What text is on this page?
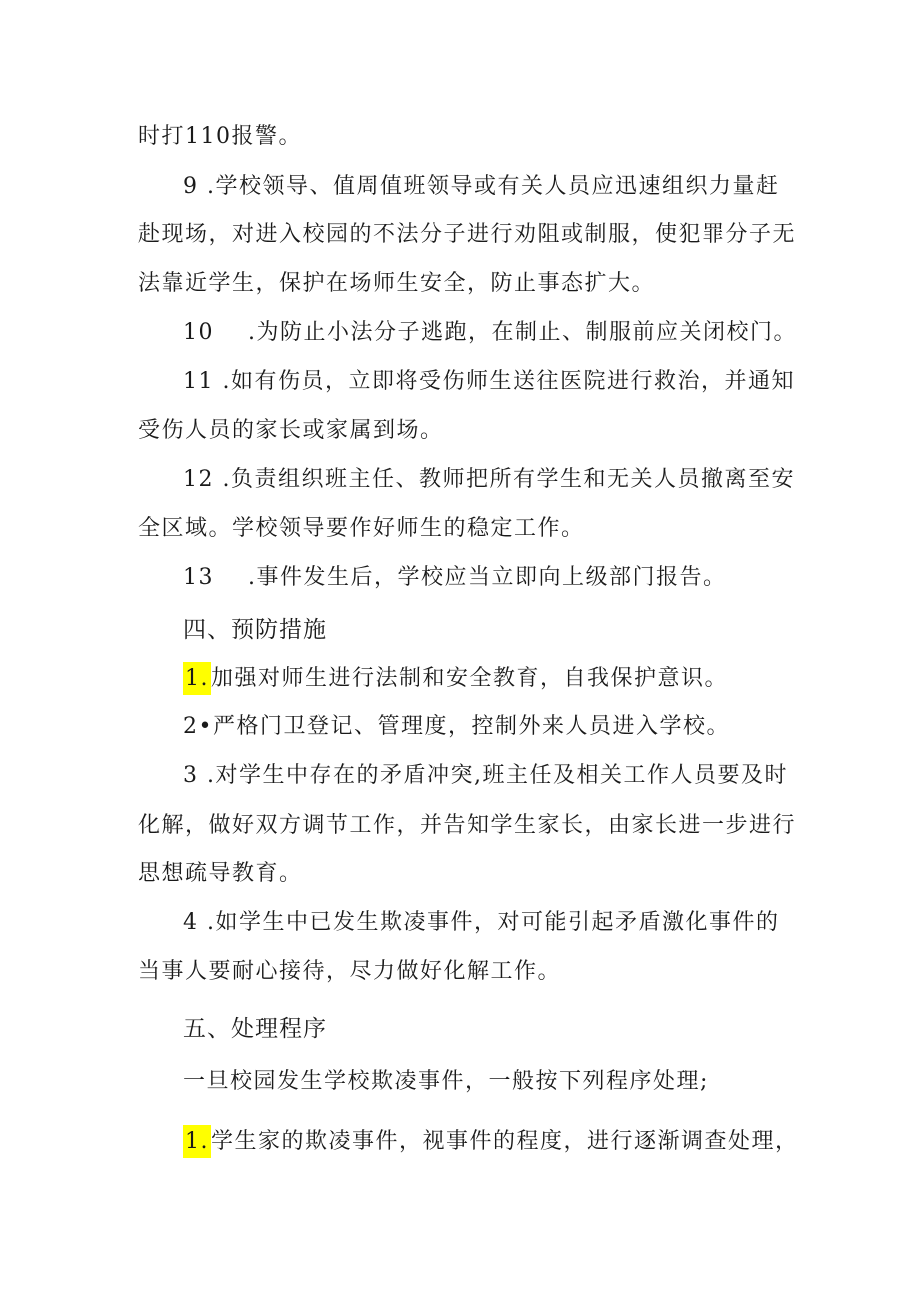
时打110报警。
9 .学校领导、值周值班领导或有关人员应迅速组织力量赶
赴现场，对进入校园的不法分子进行劝阻或制服，使犯罪分子无
法靠近学生，保护在场师生安全，防止事态扩大。
10 .为防止小法分子逃跑，在制止、制服前应关闭校门。
11 .如有伤员，立即将受伤师生送往医院进行救治，并通知
受伤人员的家长或家属到场。
12 .负责组织班主任、教师把所有学生和无关人员撤离至安
全区域。学校领导要作好师生的稳定工作。
13 .事件发生后，学校应当立即向上级部门报告。
四、预防措施
1.加强对师生进行法制和安全教育，自我保护意识。
2•严格门卫登记、管理度，控制外来人员进入学校。
3 .对学生中存在的矛盾冲突,班主任及相关工作人员要及时
化解，做好双方调节工作，并告知学生家长，由家长进一步进行
思想疏导教育。
4 .如学生中已发生欺凌事件，对可能引起矛盾激化事件的
当事人要耐心接待，尽力做好化解工作。
五、处理程序
一旦校园发生学校欺凌事件，一般按下列程序处理;
1.学生家的欺凌事件，视事件的程度，进行逐渐调查处理，
